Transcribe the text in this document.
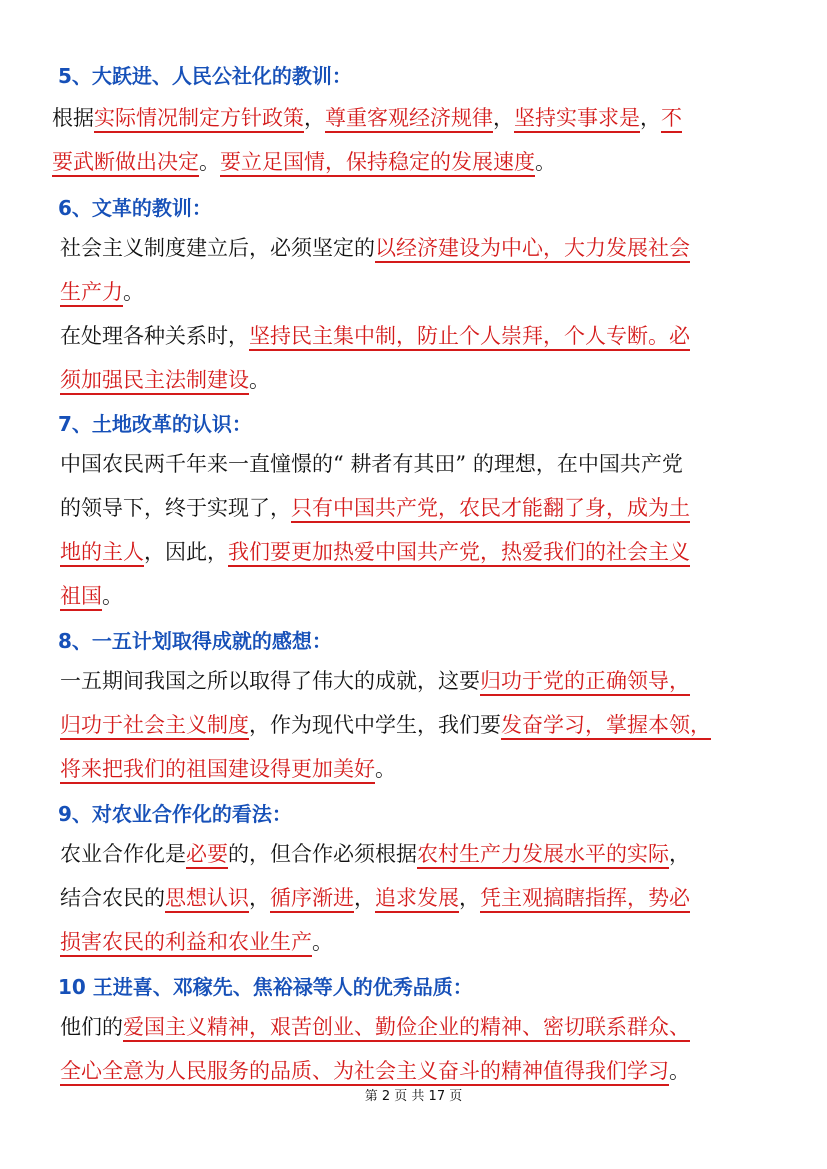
5、大跃进、人民公社化的教训：
根据实际情况制定方针政策，尊重客观经济规律，坚持实事求是，不
要武断做出决定。要立足国情，保持稳定的发展速度。
6、文革的教训：
社会主义制度建立后，必须坚定的以经济建设为中心，大力发展社会
生产力。
在处理各种关系时，坚持民主集中制，防止个人崇拜，个人专断。必
须加强民主法制建设。
7、土地改革的认识：
中国农民两千年来一直憧憬的“ 耕者有其田” 的理想，在中国共产党
的领导下，终于实现了，只有中国共产党，农民才能翻了身，成为土
地的主人，因此，我们要更加热爱中国共产党，热爱我们的社会主义
祖国。
8、一五计划取得成就的感想：
一五期间我国之所以取得了伟大的成就，这要归功于党的正确领导，
归功于社会主义制度，作为现代中学生，我们要发奋学习，掌握本领，
将来把我们的祖国建设得更加美好。
9、对农业合作化的看法：
农业合作化是必要的，但合作必须根据农村生产力发展水平的实际，
结合农民的思想认识，循序渐进，追求发展，凭主观搞瞎指挥，势必
损害农民的利益和农业生产。
10 王进喜、邓稼先、焦裕禄等人的优秀品质：
他们的爱国主义精神，艰苦创业、勤俭企业的精神、密切联系群众、
全心全意为人民服务的品质、为社会主义奋斗的精神值得我们学习。
第 2 页 共 17 页
